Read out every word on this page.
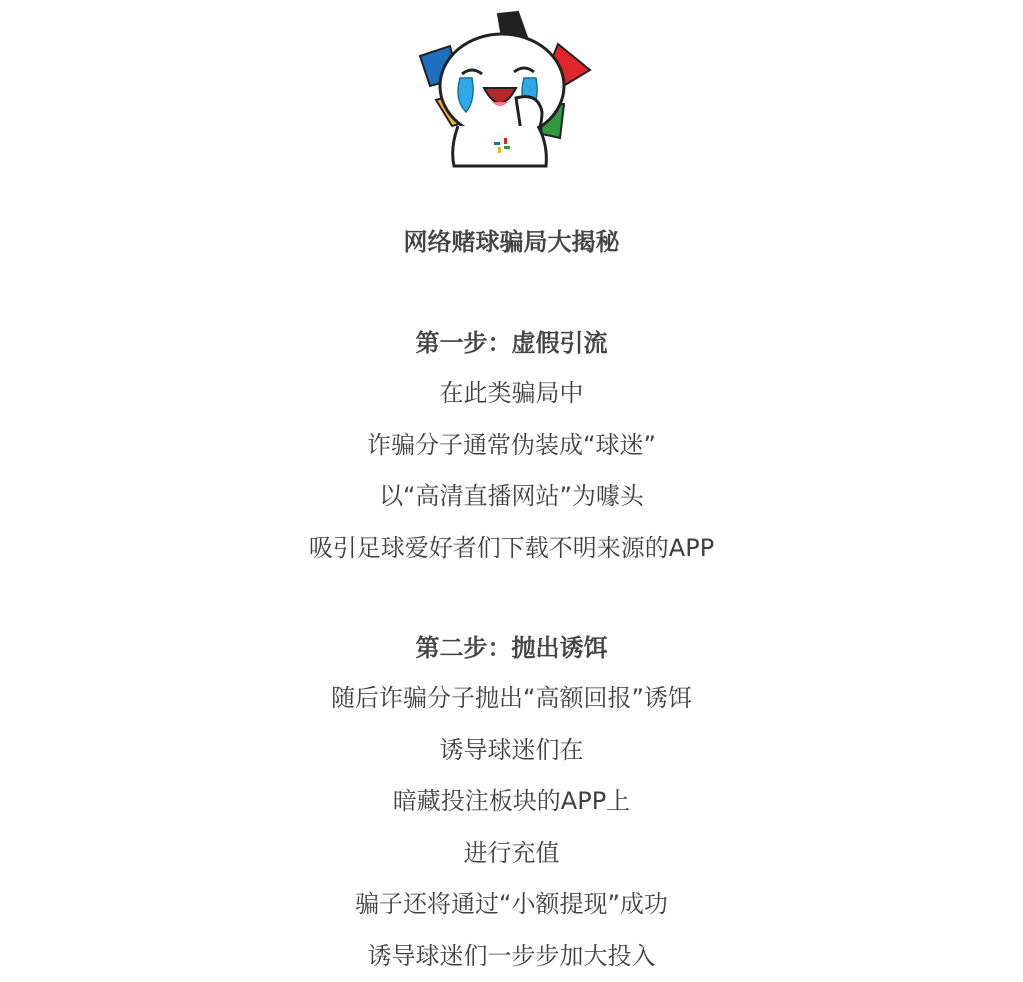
网络赌球骗局大揭秘
第一步：虚假引流
在此类骗局中
诈骗分子通常伪装成“球迷”
以“高清直播网站”为噱头
吸引足球爱好者们下载不明来源的APP
第二步：抛出诱饵
随后诈骗分子抛出“高额回报”诱饵
诱导球迷们在
暗藏投注板块的APP上
进行充值
骗子还将通过“小额提现”成功
诱导球迷们一步步加大投入
